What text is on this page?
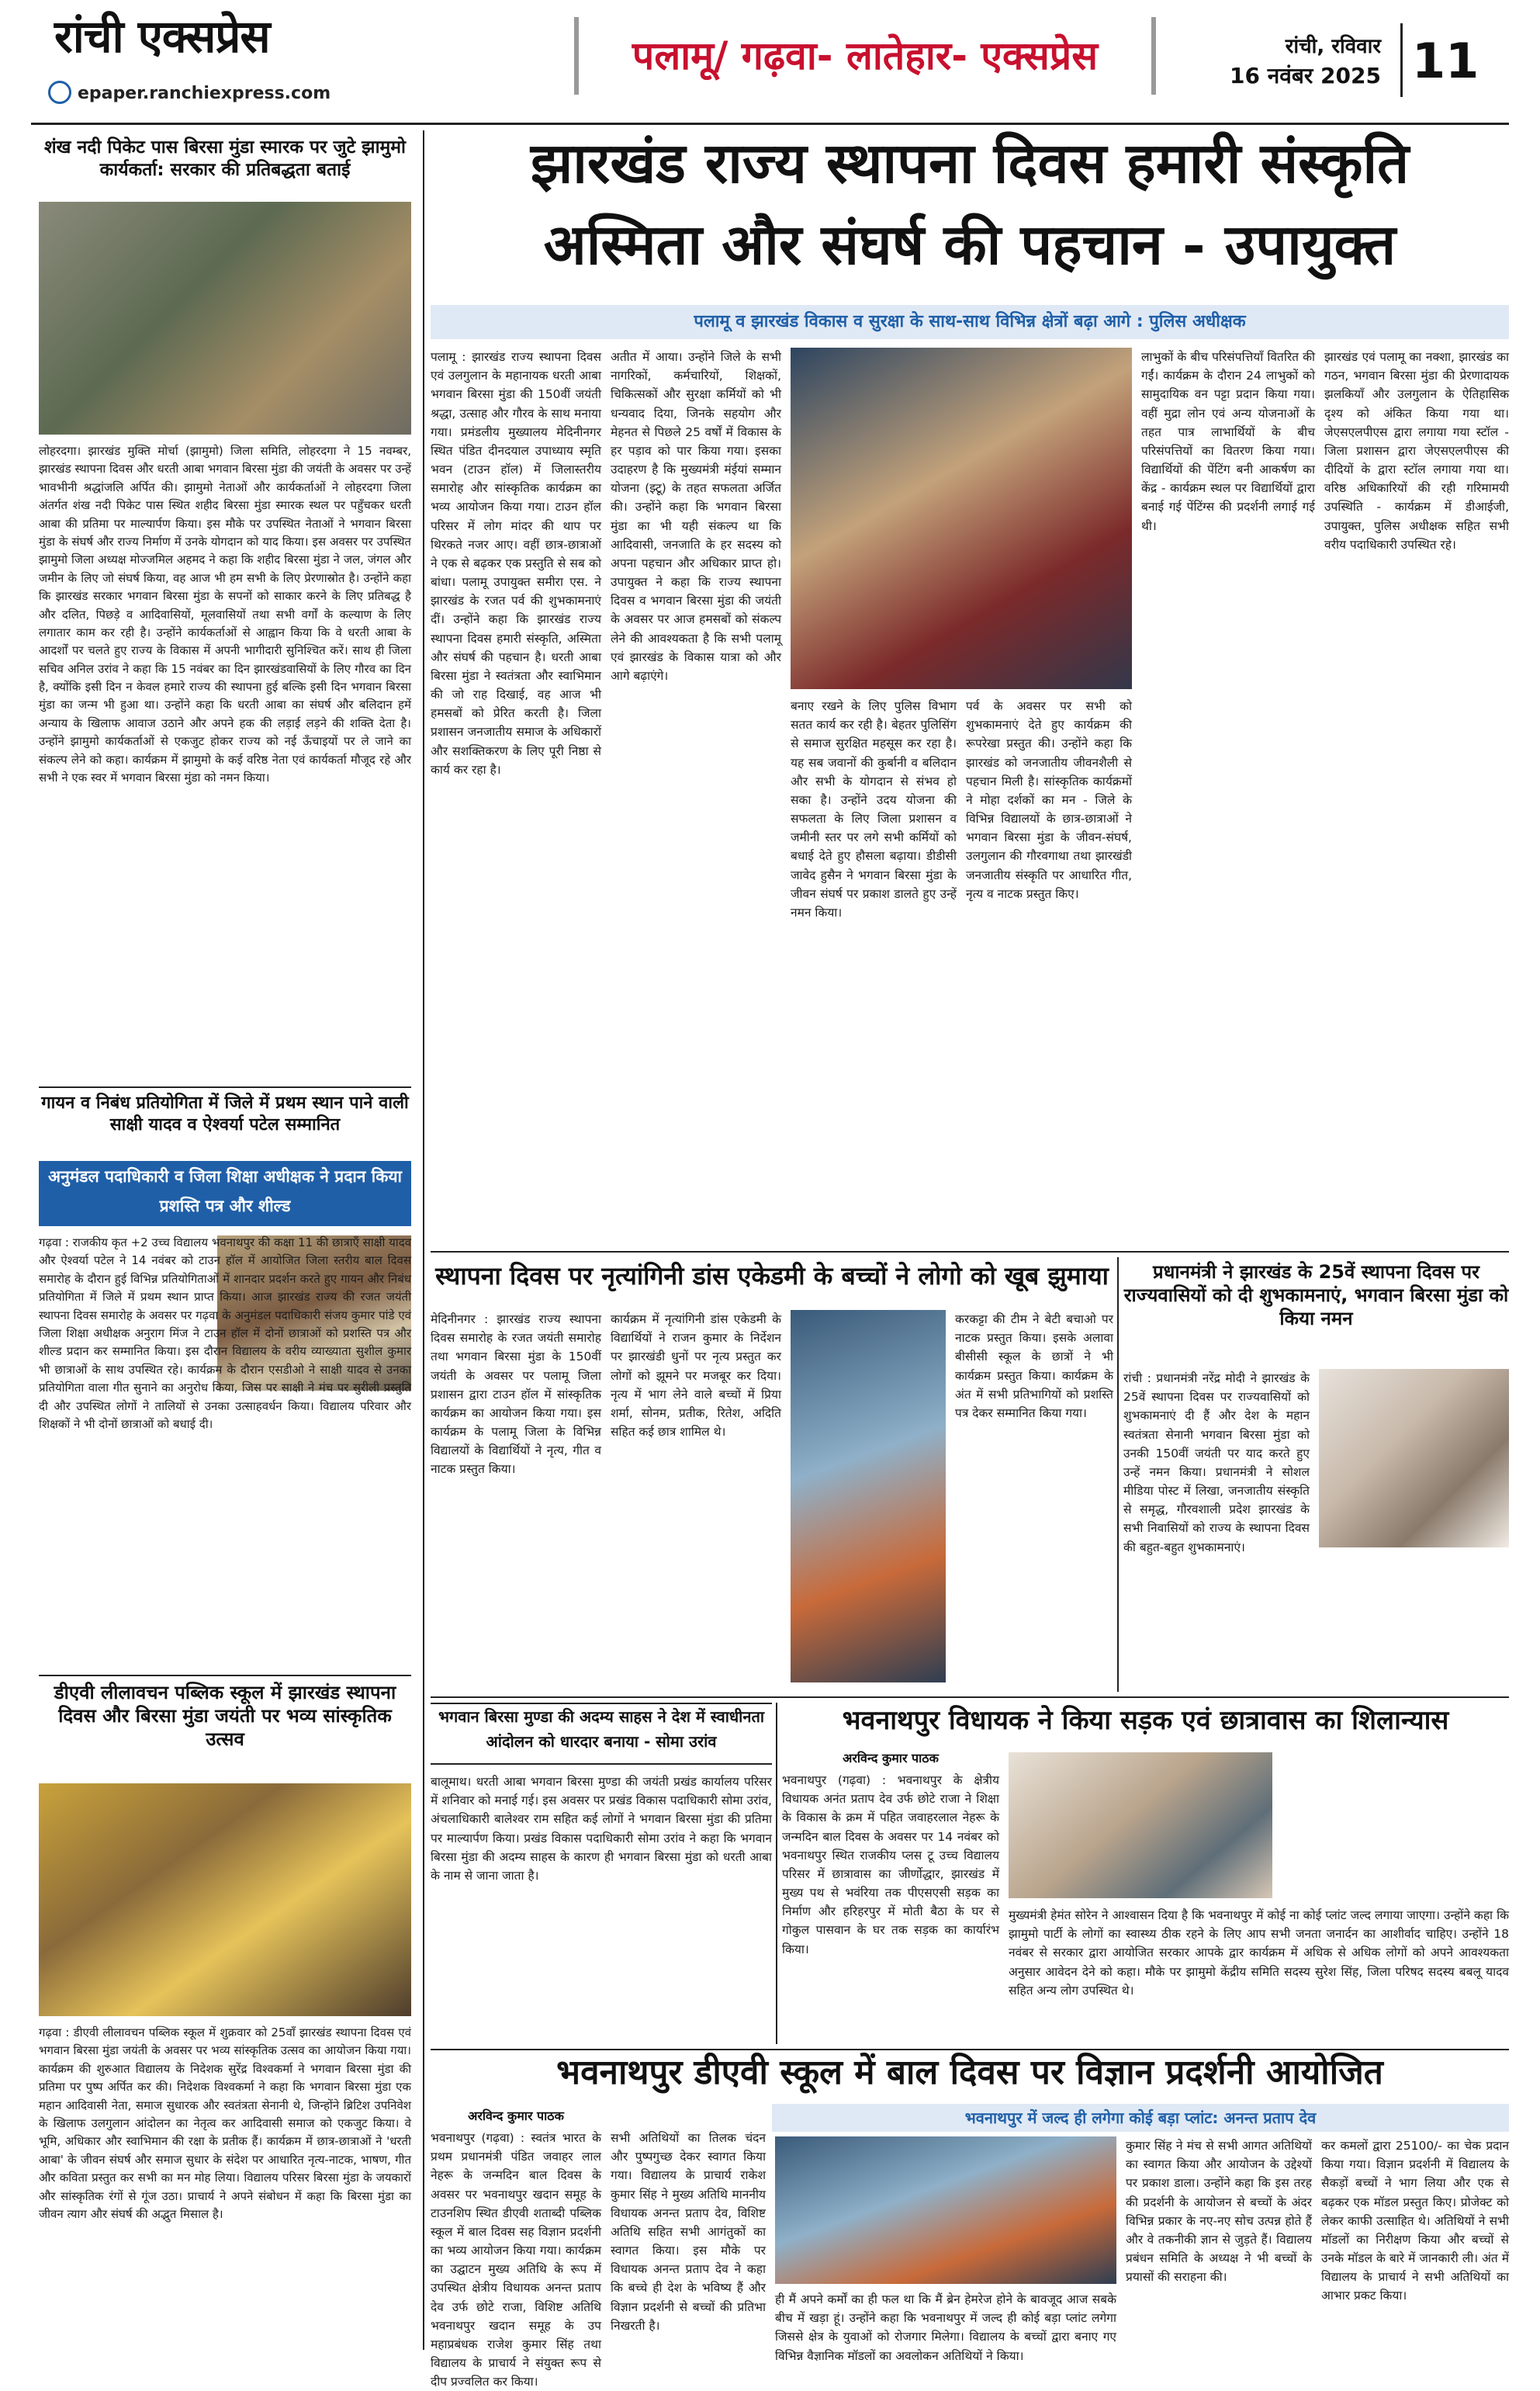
रांची एक्सप्रेस
epaper.ranchiexpress.com
पलामू/ गढ़वा- लातेहार- एक्सप्रेस	रांची, रविवार
16 नवंबर 2025 11
शंख नदी पिकेट पास बिरसा मुंडा स्मारक पर जुटे झामुमो कार्यकर्ता: सरकार की प्रतिबद्धता बताई
लोहरदगा। झारखंड मुक्ति मोर्चा (झामुमो) जिला समिति, लोहरदगा ने 15 नवम्बर, झारखंड स्थापना दिवस और धरती आबा भगवान बिरसा मुंडा की जयंती के अवसर पर उन्हें भावभीनी श्रद्धांजलि अर्पित की। झामुमो नेताओं और कार्यकर्ताओं ने लोहरदगा जिला अंतर्गत शंख नदी पिकेट पास स्थित शहीद बिरसा मुंडा स्मारक स्थल पर पहुँचकर धरती आबा की प्रतिमा पर माल्यार्पण किया। इस मौके पर उपस्थित नेताओं ने भगवान बिरसा मुंडा के संघर्ष और राज्य निर्माण में उनके योगदान को याद किया। इस अवसर पर उपस्थित झामुमो जिला अध्यक्ष मोज्जमिल अहमद ने कहा कि शहीद बिरसा मुंडा ने जल, जंगल और जमीन के लिए जो संघर्ष किया, वह आज भी हम सभी के लिए प्रेरणास्रोत है। उन्होंने कहा कि झारखंड सरकार भगवान बिरसा मुंडा के सपनों को साकार करने के लिए प्रतिबद्ध है और दलित, पिछड़े व आदिवासियों, मूलवासियों तथा सभी वर्गों के कल्याण के लिए लगातार काम कर रही है। उन्होंने कार्यकर्ताओं से आह्वान किया कि वे धरती आबा के आदर्शों पर चलते हुए राज्य के विकास में अपनी भागीदारी सुनिश्चित करें। साथ ही जिला सचिव अनिल उरांव ने कहा कि 15 नवंबर का दिन झारखंडवासियों के लिए गौरव का दिन है, क्योंकि इसी दिन न केवल हमारे राज्य की स्थापना हुई बल्कि इसी दिन भगवान बिरसा मुंडा का जन्म भी हुआ था। उन्होंने कहा कि धरती आबा का संघर्ष और बलिदान हमें अन्याय के खिलाफ आवाज उठाने और अपने हक की लड़ाई लड़ने की शक्ति देता है। उन्होंने झामुमो कार्यकर्ताओं से एकजुट होकर राज्य को नई ऊँचाइयों पर ले जाने का संकल्प लेने को कहा। कार्यक्रम में झामुमो के कई वरिष्ठ नेता एवं कार्यकर्ता मौजूद रहे और सभी ने एक स्वर में भगवान बिरसा मुंडा को नमन किया।
गायन व निबंध प्रतियोगिता में जिले में प्रथम स्थान पाने वाली साक्षी यादव व ऐश्वर्या पटेल सम्मानित
अनुमंडल पदाधिकारी व जिला शिक्षा अधीक्षक ने प्रदान किया प्रशस्ति पत्र और शील्ड
गढ़वा : राजकीय कृत +2 उच्च विद्यालय भवनाथपुर की कक्षा 11 की छात्राएँ साक्षी यादव और ऐश्वर्या पटेल ने 14 नवंबर को टाउन हॉल में आयोजित जिला स्तरीय बाल दिवस समारोह के दौरान हुई विभिन्न प्रतियोगिताओं में शानदार प्रदर्शन करते हुए गायन और निबंध प्रतियोगिता में जिले में प्रथम स्थान प्राप्त किया। आज झारखंड राज्य की रजत जयंती स्थापना दिवस समारोह के अवसर पर गढ़वा के अनुमंडल पदाधिकारी संजय कुमार पांडे एवं जिला शिक्षा अधीक्षक अनुराग मिंज ने टाउन हॉल में दोनों छात्राओं को प्रशस्ति पत्र और शील्ड प्रदान कर सम्मानित किया। इस दौरान विद्यालय के वरीय व्याख्याता सुशील कुमार भी छात्राओं के साथ उपस्थित रहे। कार्यक्रम के दौरान एसडीओ ने साक्षी यादव से उनका प्रतियोगिता वाला गीत सुनाने का अनुरोध किया, जिस पर साक्षी ने मंच पर सुरीली प्रस्तुति दी और उपस्थित लोगों ने तालियों से उनका उत्साहवर्धन किया। विद्यालय परिवार और शिक्षकों ने भी दोनों छात्राओं को बधाई दी।
डीएवी लीलावचन पब्लिक स्कूल में झारखंड स्थापना दिवस और बिरसा मुंडा जयंती पर भव्य सांस्कृतिक उत्सव
गढ़वा : डीएवी लीलावचन पब्लिक स्कूल में शुक्रवार को 25वाँ झारखंड स्थापना दिवस एवं भगवान बिरसा मुंडा जयंती के अवसर पर भव्य सांस्कृतिक उत्सव का आयोजन किया गया। कार्यक्रम की शुरुआत विद्यालय के निदेशक सुरेंद्र विश्वकर्मा ने भगवान बिरसा मुंडा की प्रतिमा पर पुष्प अर्पित कर की। निदेशक विश्वकर्मा ने कहा कि भगवान बिरसा मुंडा एक महान आदिवासी नेता, समाज सुधारक और स्वतंत्रता सेनानी थे, जिन्होंने ब्रिटिश उपनिवेश के खिलाफ उलगुलान आंदोलन का नेतृत्व कर आदिवासी समाज को एकजुट किया। वे भूमि, अधिकार और स्वाभिमान की रक्षा के प्रतीक हैं। कार्यक्रम में छात्र-छात्राओं ने 'धरती आबा' के जीवन संघर्ष और समाज सुधार के संदेश पर आधारित नृत्य-नाटक, भाषण, गीत और कविता प्रस्तुत कर सभी का मन मोह लिया। विद्यालय परिसर बिरसा मुंडा के जयकारों और सांस्कृतिक रंगों से गूंज उठा। प्राचार्य ने अपने संबोधन में कहा कि बिरसा मुंडा का जीवन त्याग और संघर्ष की अद्भुत मिसाल है।
झारखंड राज्य स्थापना दिवस हमारी संस्कृति
अस्मिता और संघर्ष की पहचान - उपायुक्त
पलामू व झारखंड विकास व सुरक्षा के साथ-साथ विभिन्न क्षेत्रों बढ़ा आगे : पुलिस अधीक्षक
पलामू : झारखंड राज्य स्थापना दिवस एवं उलगुलान के महानायक धरती आबा भगवान बिरसा मुंडा की 150वीं जयंती श्रद्धा, उत्साह और गौरव के साथ मनाया गया। प्रमंडलीय मुख्यालय मेदिनीनगर स्थित पंडित दीनदयाल उपाध्याय स्मृति भवन (टाउन हॉल) में जिलास्तरीय समारोह और सांस्कृतिक कार्यक्रम का भव्य आयोजन किया गया। टाउन हॉल परिसर में लोग मांदर की थाप पर थिरकते नजर आए। वहीं छात्र-छात्राओं ने एक से बढ़कर एक प्रस्तुति से सब को बांधा। पलामू उपायुक्त समीरा एस. ने झारखंड के रजत पर्व की शुभकामनाएं दीं। उन्होंने कहा कि झारखंड राज्य स्थापना दिवस हमारी संस्कृति, अस्मिता और संघर्ष की पहचान है। धरती आबा बिरसा मुंडा ने स्वतंत्रता और स्वाभिमान की जो राह दिखाई, वह आज भी हमसबों को प्रेरित करती है। जिला प्रशासन जनजातीय समाज के अधिकारों और सशक्तिकरण के लिए पूरी निष्ठा से कार्य कर रहा है।
अतीत में आया। उन्होंने जिले के सभी नागरिकों, कर्मचारियों, शिक्षकों, चिकित्सकों और सुरक्षा कर्मियों को भी धन्यवाद दिया, जिनके सहयोग और मेहनत से पिछले 25 वर्षों में विकास के हर पड़ाव को पार किया गया। इसका उदाहरण है कि मुख्यमंत्री मंईयां सम्मान योजना (झ्टू) के तहत सफलता अर्जित की। उन्होंने कहा कि भगवान बिरसा मुंडा का भी यही संकल्प था कि आदिवासी, जनजाति के हर सदस्य को अपना पहचान और अधिकार प्राप्त हो। उपायुक्त ने कहा कि राज्य स्थापना दिवस व भगवान बिरसा मुंडा की जयंती के अवसर पर आज हमसबों को संकल्प लेने की आवश्यकता है कि सभी पलामू एवं झारखंड के विकास यात्रा को और आगे बढ़ाएंगे।
बनाए रखने के लिए पुलिस विभाग सतत कार्य कर रही है। बेहतर पुलिसिंग से समाज सुरक्षित महसूस कर रहा है। यह सब जवानों की कुर्बानी व बलिदान और सभी के योगदान से संभव हो सका है। उन्होंने उदय योजना की सफलता के लिए जिला प्रशासन व जमीनी स्तर पर लगे सभी कर्मियों को बधाई देते हुए हौसला बढ़ाया। डीडीसी जावेद हुसैन ने भगवान बिरसा मुंडा के जीवन संघर्ष पर प्रकाश डालते हुए उन्हें नमन किया।
पर्व के अवसर पर सभी को शुभकामनाएं देते हुए कार्यक्रम की रूपरेखा प्रस्तुत की। उन्होंने कहा कि झारखंड को जनजातीय जीवनशैली से पहचान मिली है। सांस्कृतिक कार्यक्रमों ने मोहा दर्शकों का मन - जिले के विभिन्न विद्यालयों के छात्र-छात्राओं ने भगवान बिरसा मुंडा के जीवन-संघर्ष, उलगुलान की गौरवगाथा तथा झारखंडी जनजातीय संस्कृति पर आधारित गीत, नृत्य व नाटक प्रस्तुत किए।
लाभुकों के बीच परिसंपत्तियाँ वितरित की गईं। कार्यक्रम के दौरान 24 लाभुकों को सामुदायिक वन पट्टा प्रदान किया गया। वहीं मुद्रा लोन एवं अन्य योजनाओं के तहत पात्र लाभार्थियों के बीच परिसंपत्तियों का वितरण किया गया। विद्यार्थियों की पेंटिंग बनी आकर्षण का केंद्र - कार्यक्रम स्थल पर विद्यार्थियों द्वारा बनाई गई पेंटिंग्स की प्रदर्शनी लगाई गई थी।
झारखंड एवं पलामू का नक्शा, झारखंड का गठन, भगवान बिरसा मुंडा की प्रेरणादायक झलकियाँ और उलगुलान के ऐतिहासिक दृश्य को अंकित किया गया था। जेएसएलपीएस द्वारा लगाया गया स्टॉल - जिला प्रशासन द्वारा जेएसएलपीएस की दीदियों के द्वारा स्टॉल लगाया गया था। वरिष्ठ अधिकारियों की रही गरिमामयी उपस्थिति - कार्यक्रम में डीआईजी, उपायुक्त, पुलिस अधीक्षक सहित सभी वरीय पदाधिकारी उपस्थित रहे।
स्थापना दिवस पर नृत्यांगिनी डांस एकेडमी के बच्चों ने लोगो को खूब झुमाया
मेदिनीनगर : झारखंड राज्य स्थापना दिवस समारोह के रजत जयंती समारोह तथा भगवान बिरसा मुंडा के 150वीं जयंती के अवसर पर पलामू जिला प्रशासन द्वारा टाउन हॉल में सांस्कृतिक कार्यक्रम का आयोजन किया गया। इस कार्यक्रम के पलामू जिला के विभिन्न विद्यालयों के विद्यार्थियों ने नृत्य, गीत व नाटक प्रस्तुत किया।
कार्यक्रम में नृत्यांगिनी डांस एकेडमी के विद्यार्थियों ने राजन कुमार के निर्देशन पर झारखंडी धुनों पर नृत्य प्रस्तुत कर लोगों को झूमने पर मजबूर कर दिया। नृत्य में भाग लेने वाले बच्चों में प्रिया शर्मा, सोनम, प्रतीक, रितेश, अदिति सहित कई छात्र शामिल थे।
करकट्टा की टीम ने बेटी बचाओ पर नाटक प्रस्तुत किया। इसके अलावा बीसीसी स्कूल के छात्रों ने भी कार्यक्रम प्रस्तुत किया। कार्यक्रम के अंत में सभी प्रतिभागियों को प्रशस्ति पत्र देकर सम्मानित किया गया।
प्रधानमंत्री ने झारखंड के 25वें स्थापना दिवस पर राज्यवासियों को दी शुभकामनाएं, भगवान बिरसा मुंडा को किया नमन
रांची : प्रधानमंत्री नरेंद्र मोदी ने झारखंड के 25वें स्थापना दिवस पर राज्यवासियों को शुभकामनाएं दी हैं और देश के महान स्वतंत्रता सेनानी भगवान बिरसा मुंडा को उनकी 150वीं जयंती पर याद करते हुए उन्हें नमन किया। प्रधानमंत्री ने सोशल मीडिया पोस्ट में लिखा, जनजातीय संस्कृति से समृद्ध, गौरवशाली प्रदेश झारखंड के सभी निवासियों को राज्य के स्थापना दिवस की बहुत-बहुत शुभकामनाएं।
भगवान बिरसा मुण्डा की अदम्य साहस ने देश में स्वाधीनता आंदोलन को धारदार बनाया - सोमा उरांव
बालूमाथ। धरती आबा भगवान बिरसा मुण्डा की जयंती प्रखंड कार्यालय परिसर में शनिवार को मनाई गई। इस अवसर पर प्रखंड विकास पदाधिकारी सोमा उरांव, अंचलाधिकारी बालेश्वर राम सहित कई लोगों ने भगवान बिरसा मुंडा की प्रतिमा पर माल्यार्पण किया। प्रखंड विकास पदाधिकारी सोमा उरांव ने कहा कि भगवान बिरसा मुंडा की अदम्य साहस के कारण ही भगवान बिरसा मुंडा को धरती आबा के नाम से जाना जाता है।
भवनाथपुर विधायक ने किया सड़क एवं छात्रावास का शिलान्यास
अरविन्द कुमार पाठक
भवनाथपुर (गढ़वा) : भवनाथपुर के क्षेत्रीय विधायक अनंत प्रताप देव उर्फ छोटे राजा ने शिक्षा के विकास के क्रम में पहित जवाहरलाल नेहरू के जन्मदिन बाल दिवस के अवसर पर 14 नवंबर को भवनाथपुर स्थित राजकीय प्लस टू उच्च विद्यालय परिसर में छात्रावास का जीर्णोद्धार, झारखंड में मुख्य पथ से भवंरिया तक पीएसएसी सड़क का निर्माण और हरिहरपुर में मोती बैठा के घर से गोकुल पासवान के घर तक सड़क का कार्यारंभ किया।
मुख्यमंत्री हेमंत सोरेन ने आश्वासन दिया है कि भवनाथपुर में कोई ना कोई प्लांट जल्द लगाया जाएगा। उन्होंने कहा कि झामुमो पार्टी के लोगों का स्वास्थ्य ठीक रहने के लिए आप सभी जनता जनार्दन का आशीर्वाद चाहिए। उन्होंने 18 नवंबर से सरकार द्वारा आयोजित सरकार आपके द्वार कार्यक्रम में अधिक से अधिक लोगों को अपने आवश्यकता अनुसार आवेदन देने को कहा। मौके पर झामुमो केंद्रीय समिति सदस्य सुरेश सिंह, जिला परिषद सदस्य बबलू यादव सहित अन्य लोग उपस्थित थे।
भवनाथपुर डीएवी स्कूल में बाल दिवस पर विज्ञान प्रदर्शनी आयोजित
भवनाथपुर में जल्द ही लगेगा कोई बड़ा प्लांट: अनन्त प्रताप देव
अरविन्द कुमार पाठक
भवनाथपुर (गढ़वा) : स्वतंत्र भारत के प्रथम प्रधानमंत्री पंडित जवाहर लाल नेहरू के जन्मदिन बाल दिवस के अवसर पर भवनाथपुर खदान समूह के टाउनशिप स्थित डीएवी शताब्दी पब्लिक स्कूल में बाल दिवस सह विज्ञान प्रदर्शनी का भव्य आयोजन किया गया। कार्यक्रम का उद्घाटन मुख्य अतिथि के रूप में उपस्थित क्षेत्रीय विधायक अनन्त प्रताप देव उर्फ छोटे राजा, विशिष्ट अतिथि भवनाथपुर खदान समूह के उप महाप्रबंधक राजेश कुमार सिंह तथा विद्यालय के प्राचार्य ने संयुक्त रूप से दीप प्रज्वलित कर किया।
सभी अतिथियों का तिलक चंदन और पुष्पगुच्छ देकर स्वागत किया गया। विद्यालय के प्राचार्य राकेश कुमार सिंह ने मुख्य अतिथि माननीय विधायक अनन्त प्रताप देव, विशिष्ट अतिथि सहित सभी आगंतुकों का स्वागत किया। इस मौके पर विधायक अनन्त प्रताप देव ने कहा कि बच्चे ही देश के भविष्य हैं और विज्ञान प्रदर्शनी से बच्चों की प्रतिभा निखरती है।
ही मैं अपने कर्मों का ही फल था कि मैं ब्रेन हेमरेज होने के बावजूद आज सबके बीच में खड़ा हूं। उन्होंने कहा कि भवनाथपुर में जल्द ही कोई बड़ा प्लांट लगेगा जिससे क्षेत्र के युवाओं को रोजगार मिलेगा। विद्यालय के बच्चों द्वारा बनाए गए विभिन्न वैज्ञानिक मॉडलों का अवलोकन अतिथियों ने किया।
कुमार सिंह ने मंच से सभी आगत अतिथियों का स्वागत किया और आयोजन के उद्देश्यों पर प्रकाश डाला। उन्होंने कहा कि इस तरह की प्रदर्शनी के आयोजन से बच्चों के अंदर विभिन्न प्रकार के नए-नए सोच उत्पन्न होते हैं और वे तकनीकी ज्ञान से जुड़ते हैं। विद्यालय प्रबंधन समिति के अध्यक्ष ने भी बच्चों के प्रयासों की सराहना की।
कर कमलों द्वारा 25100/- का चेक प्रदान किया गया। विज्ञान प्रदर्शनी में विद्यालय के सैकड़ों बच्चों ने भाग लिया और एक से बढ़कर एक मॉडल प्रस्तुत किए। प्रोजेक्ट को लेकर काफी उत्साहित थे। अतिथियों ने सभी मॉडलों का निरीक्षण किया और बच्चों से उनके मॉडल के बारे में जानकारी ली। अंत में विद्यालय के प्राचार्य ने सभी अतिथियों का आभार प्रकट किया।
